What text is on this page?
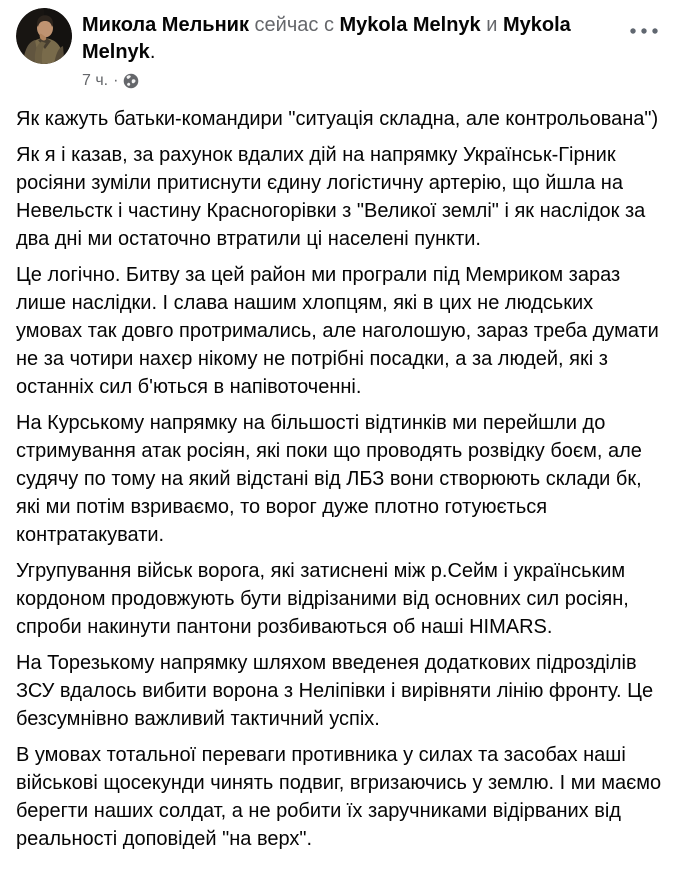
Микола Мельник сейчас с Mykola Melnyk и Mykola Melnyk.
7 ч. ·

Як кажуть батьки-командири "ситуація складна, але контрольована")

Як я і казав, за рахунок вдалих дій на напрямку Українськ-Гірник росіяни зуміли притиснути єдину логістичну артерію, що йшла на Невельстк і частину Красногорівки з "Великої землі" і як наслідок за два дні ми остаточно втратили ці населені пункти.

Це логічно. Битву за цей район ми програли під Мемриком зараз лише наслідки. І слава нашим хлопцям, які в цих не людських умовах так довго протримались, але наголошую, зараз треба думати не за чотири нахєр нікому не потрібні посадки, а за людей, які з останніх сил б'ються в напівоточенні.

На Курському напрямку на більшості відтинків ми перейшли до стримування атак росіян, які поки що проводять розвідку боєм, але судячу по тому на який відстані від ЛБЗ вони створюють склади бк, які ми потім взриваємо, то ворог дуже плотно готуюється контратакувати.

Угрупування військ ворога, які затиснені між р.Сейм і українським кордоном продовжують бути відрізаними від основних сил росіян, спроби накинути пантони розбиваються об наші HIMARS.

На Торезькому напрямку шляхом введенея додаткових підрозділів ЗСУ вдалось вибити ворона з Неліпівки і вирівняти лінію фронту. Це безсумнівно важливий тактичний успіх.

В умовах тотальної переваги противника у силах та засобах наші військові щосекунди чинять подвиг, вгризаючись у землю. І ми маємо берегти наших солдат, а не робити їх заручниками відірваних від реальності доповідей "на верх".
